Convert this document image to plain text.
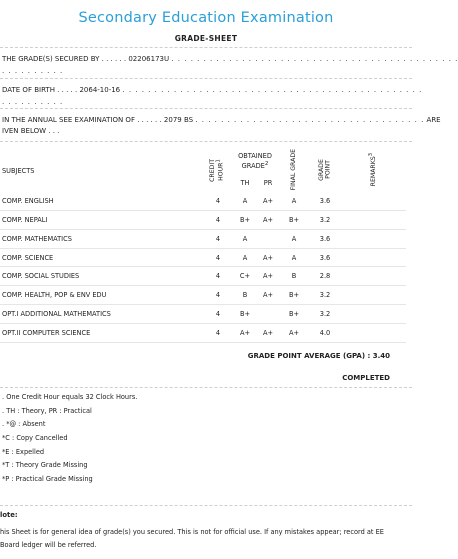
Secondary Education Examination
GRADE-SHEET
THE GRADE(S) SECURED BY . . . . . . 02206173U . . . . . . . . . . . . . . . . . . . . . . . . . . . . . . . . . . . . . . . . . . . . .
. . . . . . . . . .
DATE OF BIRTH . . . . . 2064-10-16 . . . . . . . . . . . . . . . . . . . . . . . . . . . . . . . . . . . . . . . . . . . . . . .
. . . . . . . . . .
IN THE ANNUAL SEE EXAMINATION OF . . . . . . 2079 BS . . . . . . . . . . . . . . . . . . . . . . . . . . . . . . . . . . . . ARE
IVEN BELOW . . .
SUBJECTS	CREDIT HOUR$^1$	OBTAINED
GRADE$^2$		FINAL GRADE	GRADE POINT	REMARKS$^3$
		TH	PR			
COMP. ENGLISH	4	A	A+	A	3.6	
COMP. NEPALI	4	B+	A+	B+	3.2	
COMP. MATHEMATICS	4	A		A	3.6	
COMP. SCIENCE	4	A	A+	A	3.6	
COMP. SOCIAL STUDIES	4	C+	A+	B	2.8	
COMP. HEALTH, POP & ENV EDU	4	B	A+	B+	3.2	
OPT.I ADDITIONAL MATHEMATICS	4	B+		B+	3.2	
OPT.II COMPUTER SCIENCE	4	A+	A+	A+	4.0	
GRADE POINT AVERAGE (GPA) : 3.40
COMPLETED
. One Credit Hour equals 32 Clock Hours.
. TH : Theory, PR : Practical
. *@ : Absent
*C : Copy Cancelled
*E : Expelled
*T : Theory Grade Missing
*P : Practical Grade Missing
lote:
his Sheet is for general idea of grade(s) you secured. This is not for official use. If any mistakes appear; record at EE Board ledger will be referred.
